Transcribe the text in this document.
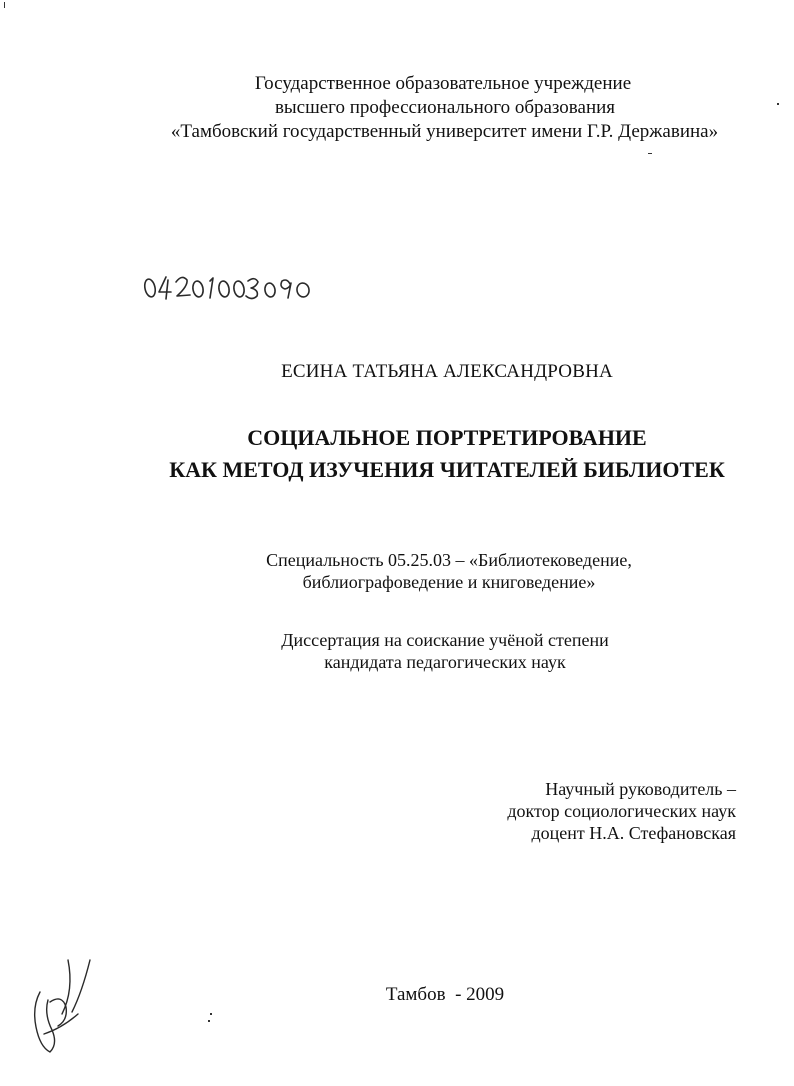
Государственное образовательное учреждение
высшего профессионального образования
«Тамбовский государственный университет имени Г.Р. Державина»
ЕСИНА ТАТЬЯНА АЛЕКСАНДРОВНА
СОЦИАЛЬНОЕ ПОРТРЕТИРОВАНИЕ
КАК МЕТОД ИЗУЧЕНИЯ ЧИТАТЕЛЕЙ БИБЛИОТЕК
Специальность 05.25.03 – «Библиотековедение,
библиографоведение и книговедение»
Диссертация на соискание учёной степени
кандидата педагогических наук
Научный руководитель –
доктор социологических наук
доцент Н.А. Стефановская
Тамбов  - 2009
